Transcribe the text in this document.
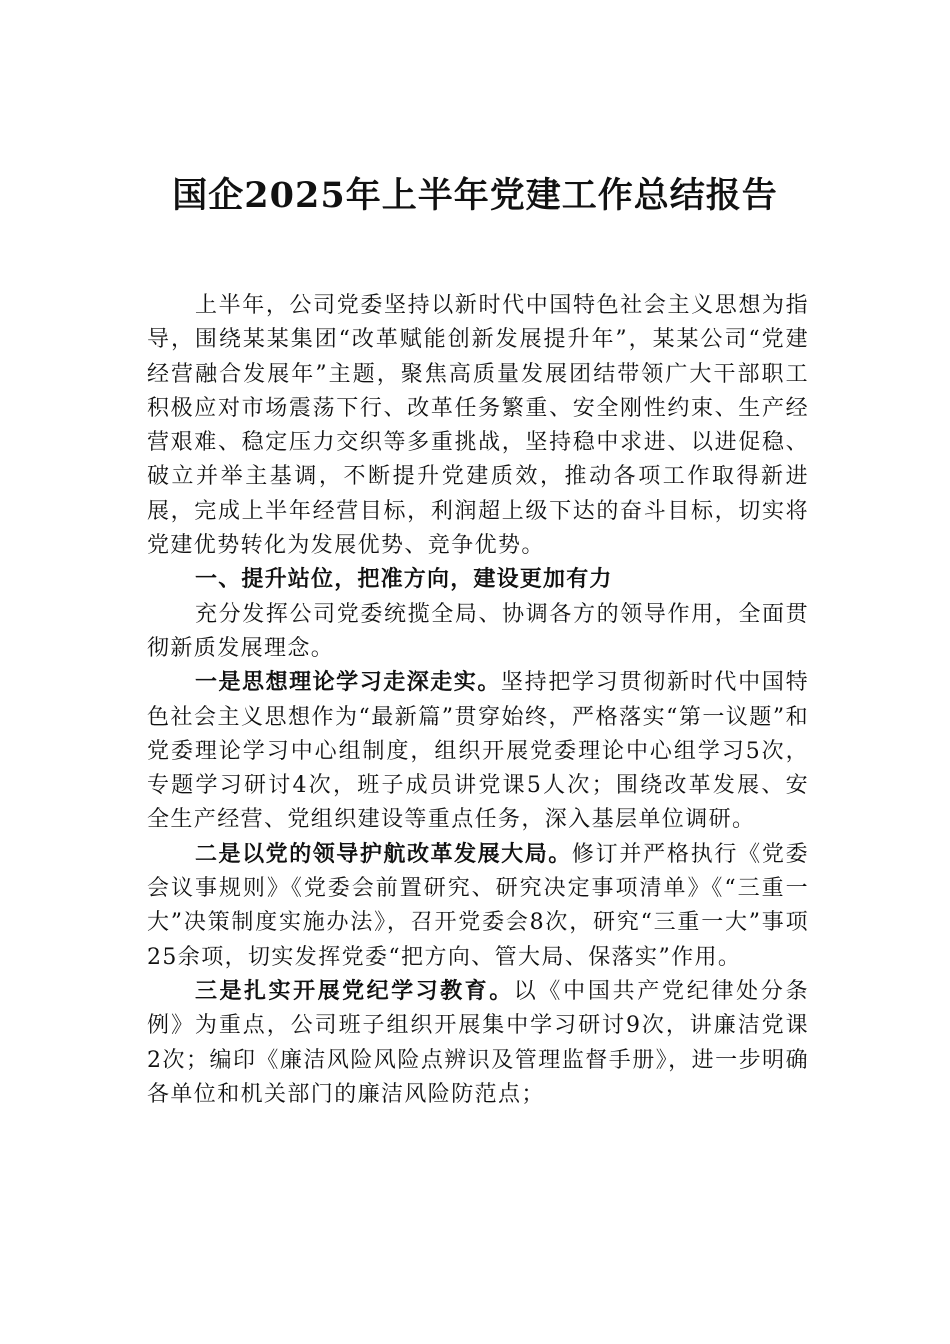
国企2025年上半年党建工作总结报告

上半年，公司党委坚持以新时代中国特色社会主义思想为指导，围绕某某集团“改革赋能创新发展提升年”，某某公司“党建经营融合发展年”主题，聚焦高质量发展团结带领广大干部职工积极应对市场震荡下行、改革任务繁重、安全刚性约束、生产经营艰难、稳定压力交织等多重挑战，坚持稳中求进、以进促稳、破立并举主基调，不断提升党建质效，推动各项工作取得新进展，完成上半年经营目标，利润超上级下达的奋斗目标，切实将党建优势转化为发展优势、竞争优势。

一、提升站位，把准方向，建设更加有力

充分发挥公司党委统揽全局、协调各方的领导作用，全面贯彻新质发展理念。

一是思想理论学习走深走实。坚持把学习贯彻新时代中国特色社会主义思想作为“最新篇”贯穿始终，严格落实“第一议题”和党委理论学习中心组制度，组织开展党委理论中心组学习5次，专题学习研讨4次，班子成员讲党课5人次；围绕改革发展、安全生产经营、党组织建设等重点任务，深入基层单位调研。

二是以党的领导护航改革发展大局。修订并严格执行《党委会议事规则》《党委会前置研究、研究决定事项清单》《“三重一大”决策制度实施办法》，召开党委会8次，研究“三重一大”事项25余项，切实发挥党委“把方向、管大局、保落实”作用。

三是扎实开展党纪学习教育。以《中国共产党纪律处分条例》为重点，公司班子组织开展集中学习研讨9次，讲廉洁党课2次；编印《廉洁风险风险点辨识及管理监督手册》，进一步明确各单位和机关部门的廉洁风险防范点；
